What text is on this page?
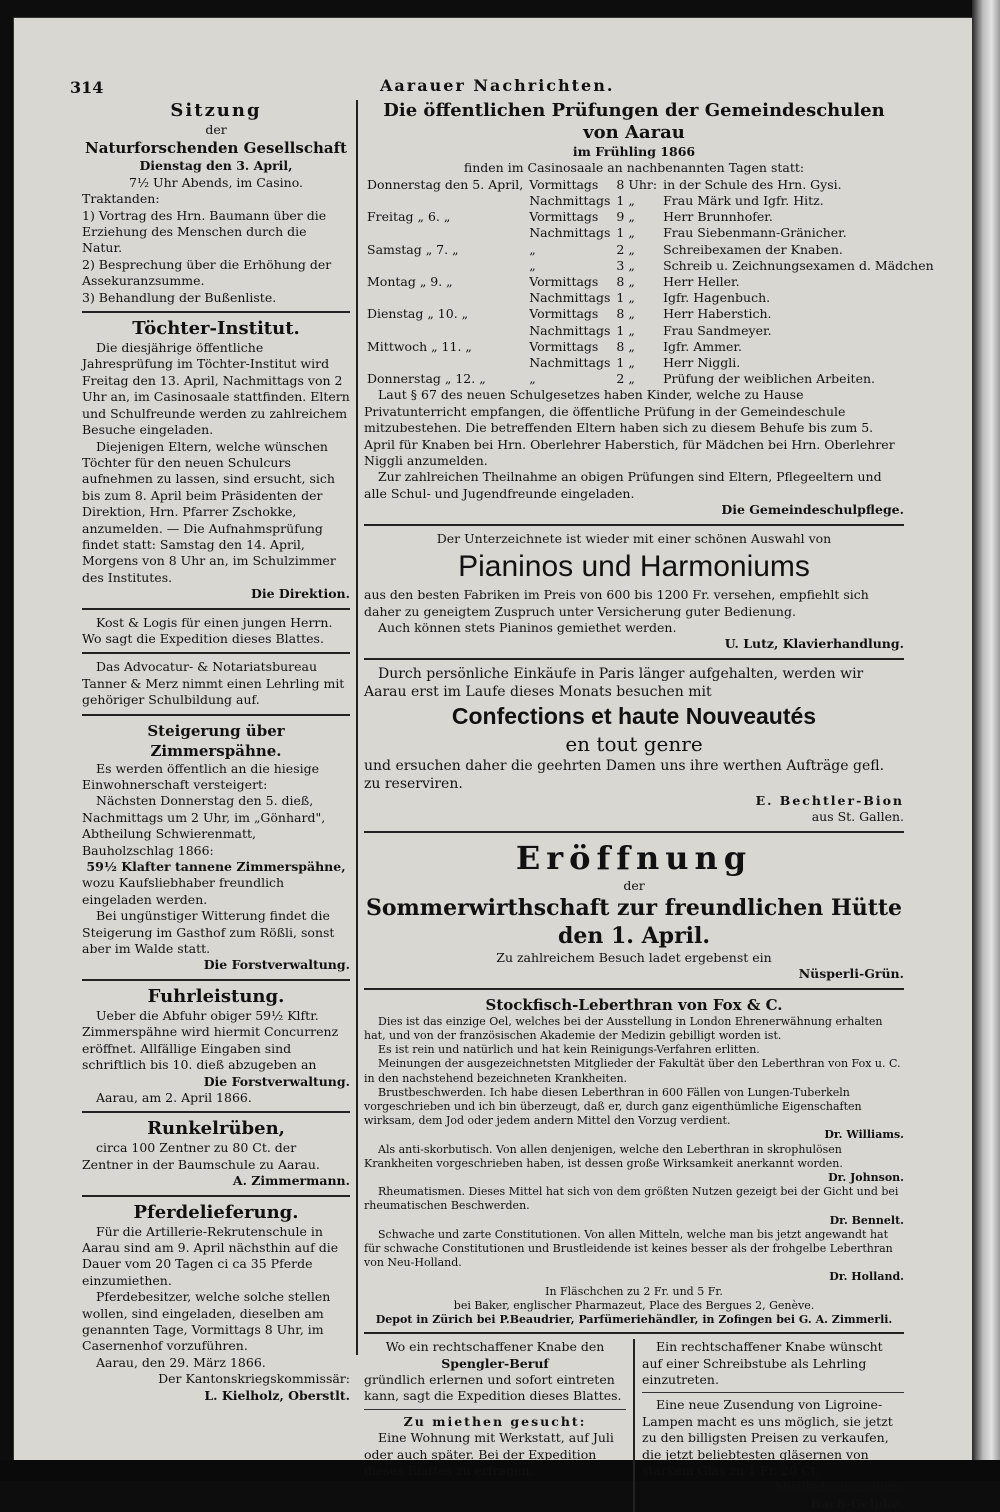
314	Aarauer Nachrichten.

Sitzung

der

Naturforschenden Gesellschaft

Dienstag den 3. April,

7½ Uhr Abends, im Casino.

Traktanden:

1) Vortrag des Hrn. Baumann über die Erziehung des Menschen durch die Natur.

2) Besprechung über die Erhöhung der Assekuranzsumme.

3) Behandlung der Bußenliste.

Töchter-Institut.

Die diesjährige öffentliche Jahresprüfung im Töchter-Institut wird Freitag den 13. April, Nachmittags von 2 Uhr an, im Casinosaale stattfinden. Eltern und Schulfreunde werden zu zahlreichem Besuche eingeladen.

Diejenigen Eltern, welche wünschen Töchter für den neuen Schulcurs aufnehmen zu lassen, sind ersucht, sich bis zum 8. April beim Präsidenten der Direktion, Hrn. Pfarrer Zschokke, anzumelden. — Die Aufnahmsprüfung findet statt: Samstag den 14. April, Morgens von 8 Uhr an, im Schulzimmer des Institutes.

Die Direktion.

Kost & Logis für einen jungen Herrn. Wo sagt die Expedition dieses Blattes.

Das Advocatur- & Notariatsbureau Tanner & Merz nimmt einen Lehrling mit gehöriger Schulbildung auf.

Steigerung über Zimmerspähne.

Es werden öffentlich an die hiesige Einwohnerschaft versteigert:

Nächsten Donnerstag den 5. dieß, Nachmittags um 2 Uhr, im „Gönhard", Abtheilung Schwierenmatt, Bauholzschlag 1866:

59½ Klafter tannene Zimmerspähne,

wozu Kaufsliebhaber freundlich eingeladen werden.

Bei ungünstiger Witterung findet die Steigerung im Gasthof zum Rößli, sonst aber im Walde statt.

Die Forstverwaltung.

Fuhrleistung.

Ueber die Abfuhr obiger 59½ Klftr. Zimmerspähne wird hiermit Concurrenz eröffnet. Allfällige Eingaben sind schriftlich bis 10. dieß abzugeben an

Die Forstverwaltung.

Aarau, am 2. April 1866.

Runkelrüben,

circa 100 Zentner zu 80 Ct. der Zentner in der Baumschule zu Aarau.

A. Zimmermann.

Pferdelieferung.

Für die Artillerie-Rekrutenschule in Aarau sind am 9. April nächsthin auf die Dauer vom 20 Tagen ci ca 35 Pferde einzumiethen.

Pferdebesitzer, welche solche stellen wollen, sind eingeladen, dieselben am genannten Tage, Vormittags 8 Uhr, im Casernenhof vorzuführen.

Aarau, den 29. März 1866.

Der Kantonskriegskommissär:

L. Kielholz, Oberstlt.

Die öffentlichen Prüfungen der Gemeindeschulen von Aarau

im Frühling 1866

finden im Casinosaale an nachbenannten Tagen statt:

Donnerstag den 5. April,	Vormittags	8 Uhr:	in der Schule des Hrn. Gysi.
	Nachmittags	1 „	Frau Märk und Igfr. Hitz.
Freitag „ 6. „	Vormittags	9 „	Herr Brunnhofer.
	Nachmittags	1 „	Frau Siebenmann-Gränicher.
Samstag „ 7. „	„	2 „	Schreibexamen der Knaben.
	„	3 „	Schreib u. Zeichnungsexamen d. Mädchen
Montag „ 9. „	Vormittags	8 „	Herr Heller.
	Nachmittags	1 „	Igfr. Hagenbuch.
Dienstag „ 10. „	Vormittags	8 „	Herr Haberstich.
	Nachmittags	1 „	Frau Sandmeyer.
Mittwoch „ 11. „	Vormittags	8 „	Igfr. Ammer.
	Nachmittags	1 „	Herr Niggli.
Donnerstag „ 12. „	„	2 „	Prüfung der weiblichen Arbeiten.

Laut § 67 des neuen Schulgesetzes haben Kinder, welche zu Hause Privatunterricht empfangen, die öffentliche Prüfung in der Gemeindeschule mitzubestehen. Die betreffenden Eltern haben sich zu diesem Behufe bis zum 5. April für Knaben bei Hrn. Oberlehrer Haberstich, für Mädchen bei Hrn. Oberlehrer Niggli anzumelden.

Zur zahlreichen Theilnahme an obigen Prüfungen sind Eltern, Pflegeeltern und alle Schul- und Jugendfreunde eingeladen.

Die Gemeindeschulpflege.

Der Unterzeichnete ist wieder mit einer schönen Auswahl von

Pianinos und Harmoniums

aus den besten Fabriken im Preis von 600 bis 1200 Fr. versehen, empfiehlt sich daher zu geneigtem Zuspruch unter Versicherung guter Bedienung.

Auch können stets Pianinos gemiethet werden.

U. Lutz, Klavierhandlung.

Durch persönliche Einkäufe in Paris länger aufgehalten, werden wir Aarau erst im Laufe dieses Monats besuchen mit

Confections et haute Nouveautés

en tout genre

und ersuchen daher die geehrten Damen uns ihre werthen Aufträge gefl. zu reserviren.

E. Bechtler-Bion

aus St. Gallen.

Eröffnung

der

Sommerwirthschaft zur freundlichen Hütte

den 1. April.

Zu zahlreichem Besuch ladet ergebenst ein

Nüsperli-Grün.

Stockfisch-Leberthran von Fox & C.

Dies ist das einzige Oel, welches bei der Ausstellung in London Ehrenerwähnung erhalten hat, und von der französischen Akademie der Medizin gebilligt worden ist.

Es ist rein und natürlich und hat kein Reinigungs-Verfahren erlitten.

Meinungen der ausgezeichnetsten Mitglieder der Fakultät über den Leberthran von Fox u. C. in den nachstehend bezeichneten Krankheiten.

Brustbeschwerden. Ich habe diesen Leberthran in 600 Fällen von Lungen-Tuberkeln vorgeschrieben und ich bin überzeugt, daß er, durch ganz eigenthümliche Eigenschaften wirksam, dem Jod oder jedem andern Mittel den Vorzug verdient.

Dr. Williams.

Als anti-skorbutisch. Von allen denjenigen, welche den Leberthran in skrophulösen Krankheiten vorgeschrieben haben, ist dessen große Wirksamkeit anerkannt worden.

Dr. Johnson.

Rheumatismen. Dieses Mittel hat sich von dem größten Nutzen gezeigt bei der Gicht und bei rheumatischen Beschwerden.

Dr. Bennelt.

Schwache und zarte Constitutionen. Von allen Mitteln, welche man bis jetzt angewandt hat für schwache Constitutionen und Brustleidende ist keines besser als der frohgelbe Leberthran von Neu-Holland.

Dr. Holland.

In Fläschchen zu 2 Fr. und 5 Fr.

bei Baker, englischer Pharmazeut, Place des Bergues 2, Genève.

Depot in Zürich bei P.Beaudrier, Parfümeriehändler, in Zofingen bei G. A. Zimmerli.

Wo ein rechtschaffener Knabe den

Spengler-Beruf

gründlich erlernen und sofort eintreten kann, sagt die Expedition dieses Blattes.

Zu miethen gesucht:

Eine Wohnung mit Werkstatt, auf Juli oder auch später. Bei der Expedition dieses Blattes zu erfragen.

Ein rechtschaffener Knabe wünscht auf einer Schreibstube als Lehrling einzutreten.

Eine neue Zusendung von Ligroine-Lampen macht es uns möglich, sie jetzt zu den billigsten Preisen zu verkaufen, die jetzt beliebtesten gläsernen von starkem Glas zu 1 Fr. 20 Ct.

Musikalienhandlung

Bach-Gelpke.
